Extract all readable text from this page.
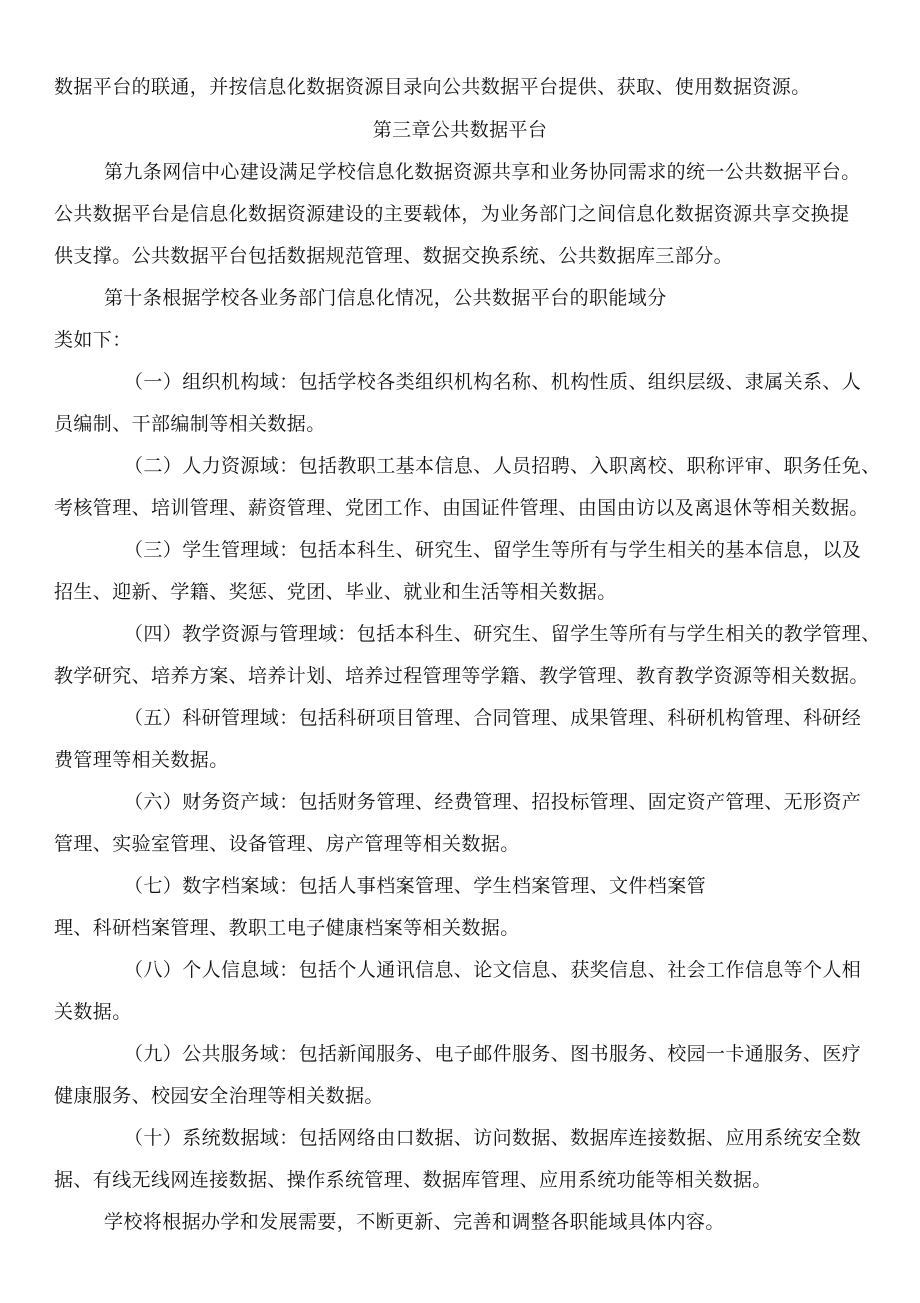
数据平台的联通，并按信息化数据资源目录向公共数据平台提供、获取、使用数据资源。
第三章公共数据平台
第九条网信中心建设满足学校信息化数据资源共享和业务协同需求的统一公共数据平台。
公共数据平台是信息化数据资源建设的主要载体，为业务部门之间信息化数据资源共享交换提
供支撑。公共数据平台包括数据规范管理、数据交换系统、公共数据库三部分。
第十条根据学校各业务部门信息化情况，公共数据平台的职能域分
类如下：
（一）组织机构域：包括学校各类组织机构名称、机构性质、组织层级、隶属关系、人
员编制、干部编制等相关数据。
（二）人力资源域：包括教职工基本信息、人员招聘、入职离校、职称评审、职务任免、
考核管理、培训管理、薪资管理、党团工作、由国证件管理、由国由访以及离退休等相关数据。
（三）学生管理域：包括本科生、研究生、留学生等所有与学生相关的基本信息，以及
招生、迎新、学籍、奖惩、党团、毕业、就业和生活等相关数据。
（四）教学资源与管理域：包括本科生、研究生、留学生等所有与学生相关的教学管理、
教学研究、培养方案、培养计划、培养过程管理等学籍、教学管理、教育教学资源等相关数据。
（五）科研管理域：包括科研项目管理、合同管理、成果管理、科研机构管理、科研经
费管理等相关数据。
（六）财务资产域：包括财务管理、经费管理、招投标管理、固定资产管理、无形资产
管理、实验室管理、设备管理、房产管理等相关数据。
（七）数字档案域：包括人事档案管理、学生档案管理、文件档案管
理、科研档案管理、教职工电子健康档案等相关数据。
（八）个人信息域：包括个人通讯信息、论文信息、获奖信息、社会工作信息等个人相
关数据。
（九）公共服务域：包括新闻服务、电子邮件服务、图书服务、校园一卡通服务、医疗
健康服务、校园安全治理等相关数据。
（十）系统数据域：包括网络由口数据、访问数据、数据库连接数据、应用系统安全数
据、有线无线网连接数据、操作系统管理、数据库管理、应用系统功能等相关数据。
学校将根据办学和发展需要，不断更新、完善和调整各职能域具体内容。
